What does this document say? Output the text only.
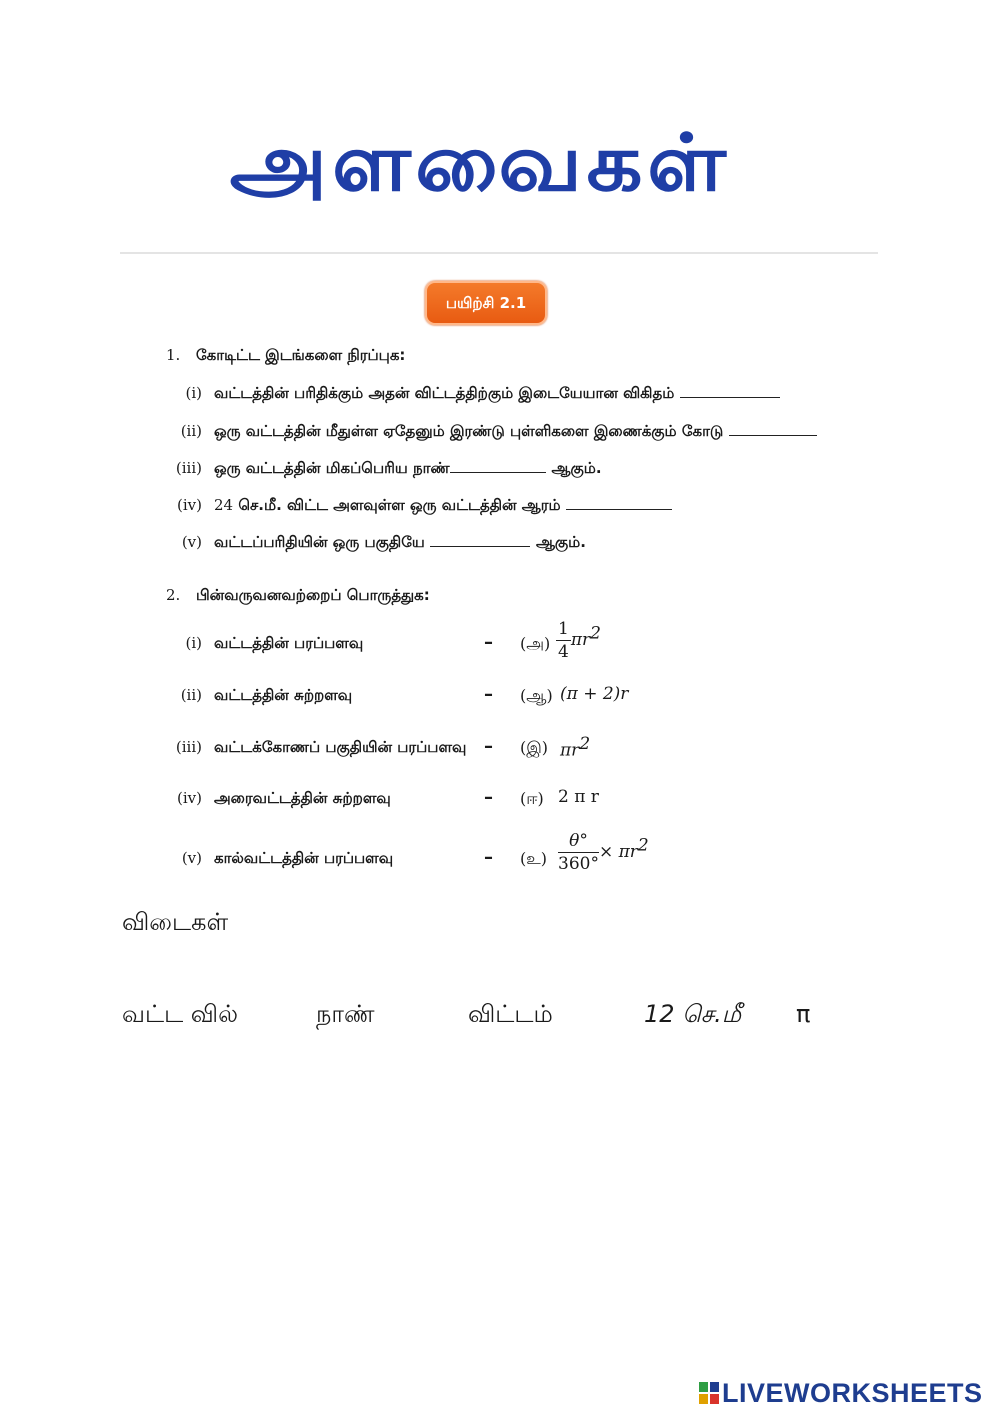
அளவைகள்
பயிற்சி 2.1
1. கோடிட்ட இடங்களை நிரப்புக:
(i) வட்டத்தின் பரிதிக்கும் அதன் விட்டத்திற்கும் இடையேயான விகிதம்
(ii) ஒரு வட்டத்தின் மீதுள்ள ஏதேனும் இரண்டு புள்ளிகளை இணைக்கும் கோடு
(iii) ஒரு வட்டத்தின் மிகப்பெரிய நாண்	ஆகும்.
(iv) 24 செ.மீ. விட்ட அளவுள்ள ஒரு வட்டத்தின் ஆரம்
(v) வட்டப்பரிதியின் ஒரு பகுதியே	ஆகும்.
2. பின்வருவனவற்றைப் பொருத்துக:
(i) வட்டத்தின் பரப்பளவு	– (அ) $\frac{1}{4} \pi r^2$
(ii) வட்டத்தின் சுற்றளவு	– (ஆ) (π + 2)r
(iii) வட்டக்கோணப் பகுதியின் பரப்பளவு – (இ) $\pi r^2$
(iv) அரைவட்டத்தின் சுற்றளவு	– (ஈ) 2 π r
(v) கால்வட்டத்தின் பரப்பளவு	– (உ) $\frac{\theta^\circ}{360^\circ} \times \pi r^2$
விடைகள்
வட்ட வில்	நாண்	விட்டம்	12 செ.மீ π
LIVEWORKSHEETS
